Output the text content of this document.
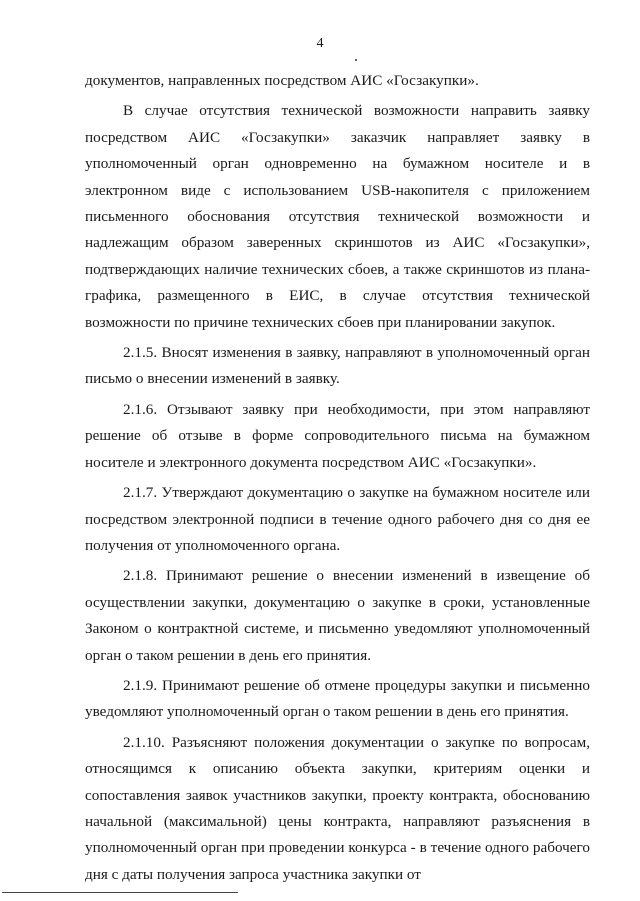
4

документов, направленных посредством АИС «Госзакупки».

В случае отсутствия технической возможности направить заявку посредством АИС «Госзакупки» заказчик направляет заявку в уполномоченный орган одновременно на бумажном носителе и в электронном виде с использованием USB-накопителя с приложением письменного обоснования отсутствия технической возможности и надлежащим образом заверенных скриншотов из АИС «Госзакупки», подтверждающих наличие технических сбоев, а также скриншотов из плана-графика, размещенного в ЕИС, в случае отсутствия технической возможности по причине технических сбоев при планировании закупок.

2.1.5. Вносят изменения в заявку, направляют в уполномоченный орган письмо о внесении изменений в заявку.

2.1.6. Отзывают заявку при необходимости, при этом направляют решение об отзыве в форме сопроводительного письма на бумажном носителе и электронного документа посредством АИС «Госзакупки».

2.1.7. Утверждают документацию о закупке на бумажном носителе или посредством электронной подписи в течение одного рабочего дня со дня ее получения от уполномоченного органа.

2.1.8. Принимают решение о внесении изменений в извещение об осуществлении закупки, документацию о закупке в сроки, установленные Законом о контрактной системе, и письменно уведомляют уполномоченный орган о таком решении в день его принятия.

2.1.9. Принимают решение об отмене процедуры закупки и письменно уведомляют уполномоченный орган о таком решении в день его принятия.

2.1.10. Разъясняют положения документации о закупке по вопросам, относящимся к описанию объекта закупки, критериям оценки и сопоставления заявок участников закупки, проекту контракта, обоснованию начальной (максимальной) цены контракта, направляют разъяснения в уполномоченный орган при проведении конкурса - в течение одного рабочего дня с даты получения запроса участника закупки от
